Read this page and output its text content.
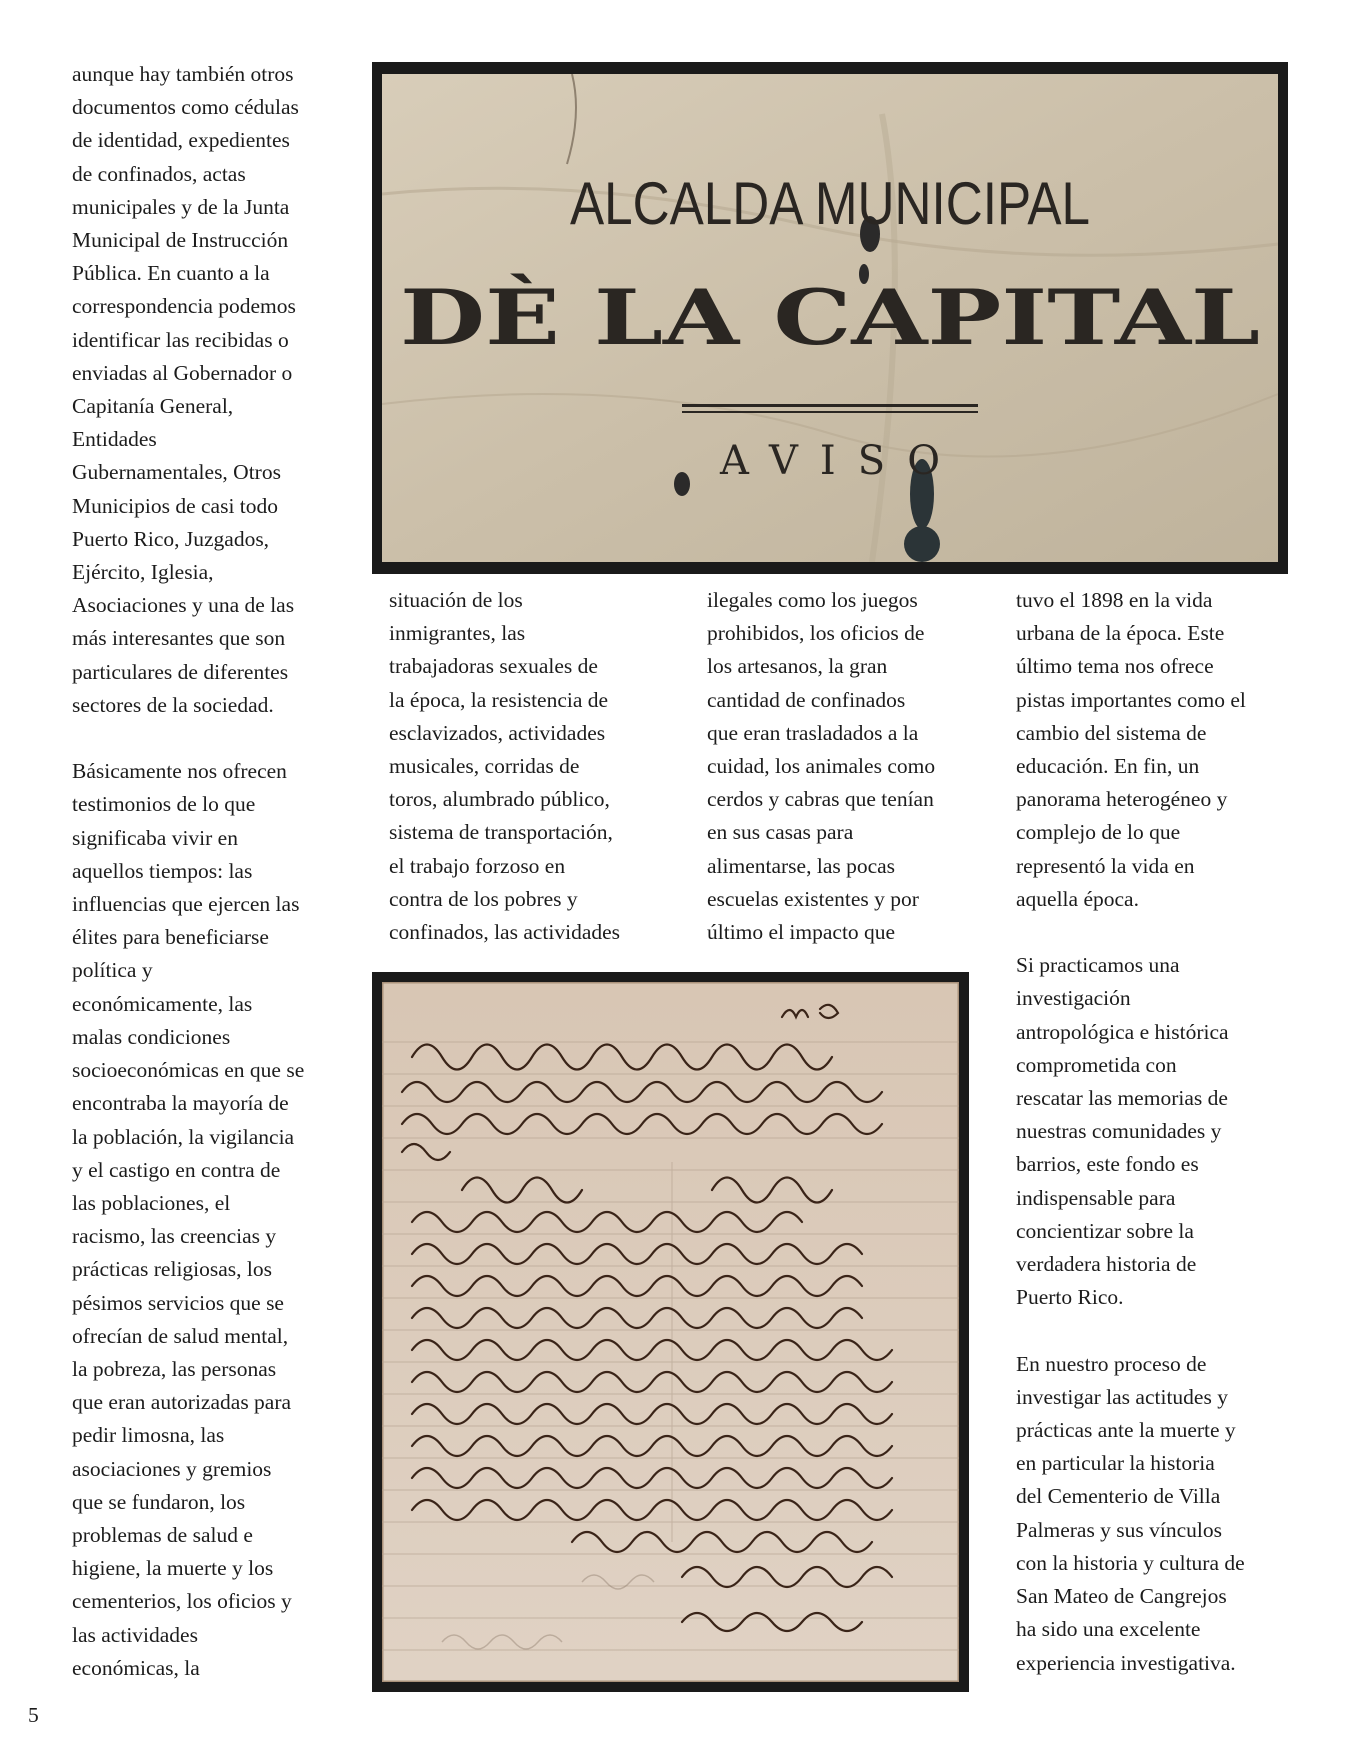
aunque hay también otros
documentos como cédulas
de identidad, expedientes
de confinados, actas
municipales y de la Junta
Municipal de Instrucción
Pública. En cuanto a la
correspondencia podemos
identificar las recibidas o
enviadas al Gobernador o
Capitanía General,
Entidades
Gubernamentales, Otros
Municipios de casi todo
Puerto Rico, Juzgados,
Ejército, Iglesia,
Asociaciones y una de las
más interesantes que son
particulares de diferentes
sectores de la sociedad.

Básicamente nos ofrecen
testimonios de lo que
significaba vivir en
aquellos tiempos: las
influencias que ejercen las
élites para beneficiarse
política y
económicamente, las
malas condiciones
socioeconómicas en que se
encontraba la mayoría de
la población, la vigilancia
y el castigo en contra de
las poblaciones, el
racismo, las creencias y
prácticas religiosas, los
pésimos servicios que se
ofrecían de salud mental,
la pobreza, las personas
que eran autorizadas para
pedir limosna, las
asociaciones y gremios
que se fundaron, los
problemas de salud e
higiene, la muerte y los
cementerios, los oficios y
las actividades
económicas, la
ALCALDA MUNICIPAL
DÈ LA CAPITAL
AVISO
situación de los
inmigrantes, las
trabajadoras sexuales de
la época, la resistencia de
esclavizados, actividades
musicales, corridas de
toros, alumbrado público,
sistema de transportación,
el trabajo forzoso en
contra de los pobres y
confinados, las actividades
ilegales como los juegos
prohibidos, los oficios de
los artesanos, la gran
cantidad de confinados
que eran trasladados a la
cuidad, los animales como
cerdos y cabras que tenían
en sus casas para
alimentarse, las pocas
escuelas existentes y por
último el impacto que
tuvo el 1898 en la vida
urbana de la época. Este
último tema nos ofrece
pistas importantes como el
cambio del sistema de
educación. En fin, un
panorama heterogéneo y
complejo de lo que
representó la vida en
aquella época.

Si practicamos una
investigación
antropológica e histórica
comprometida con
rescatar las memorias de
nuestras comunidades y
barrios, este fondo es
indispensable para
concientizar sobre la
verdadera historia de
Puerto Rico.

En nuestro proceso de
investigar las actitudes y
prácticas ante la muerte y
en particular la historia
del Cementerio de Villa
Palmeras y sus vínculos
con la historia y cultura de
San Mateo de Cangrejos
ha sido una excelente
experiencia investigativa.
5
